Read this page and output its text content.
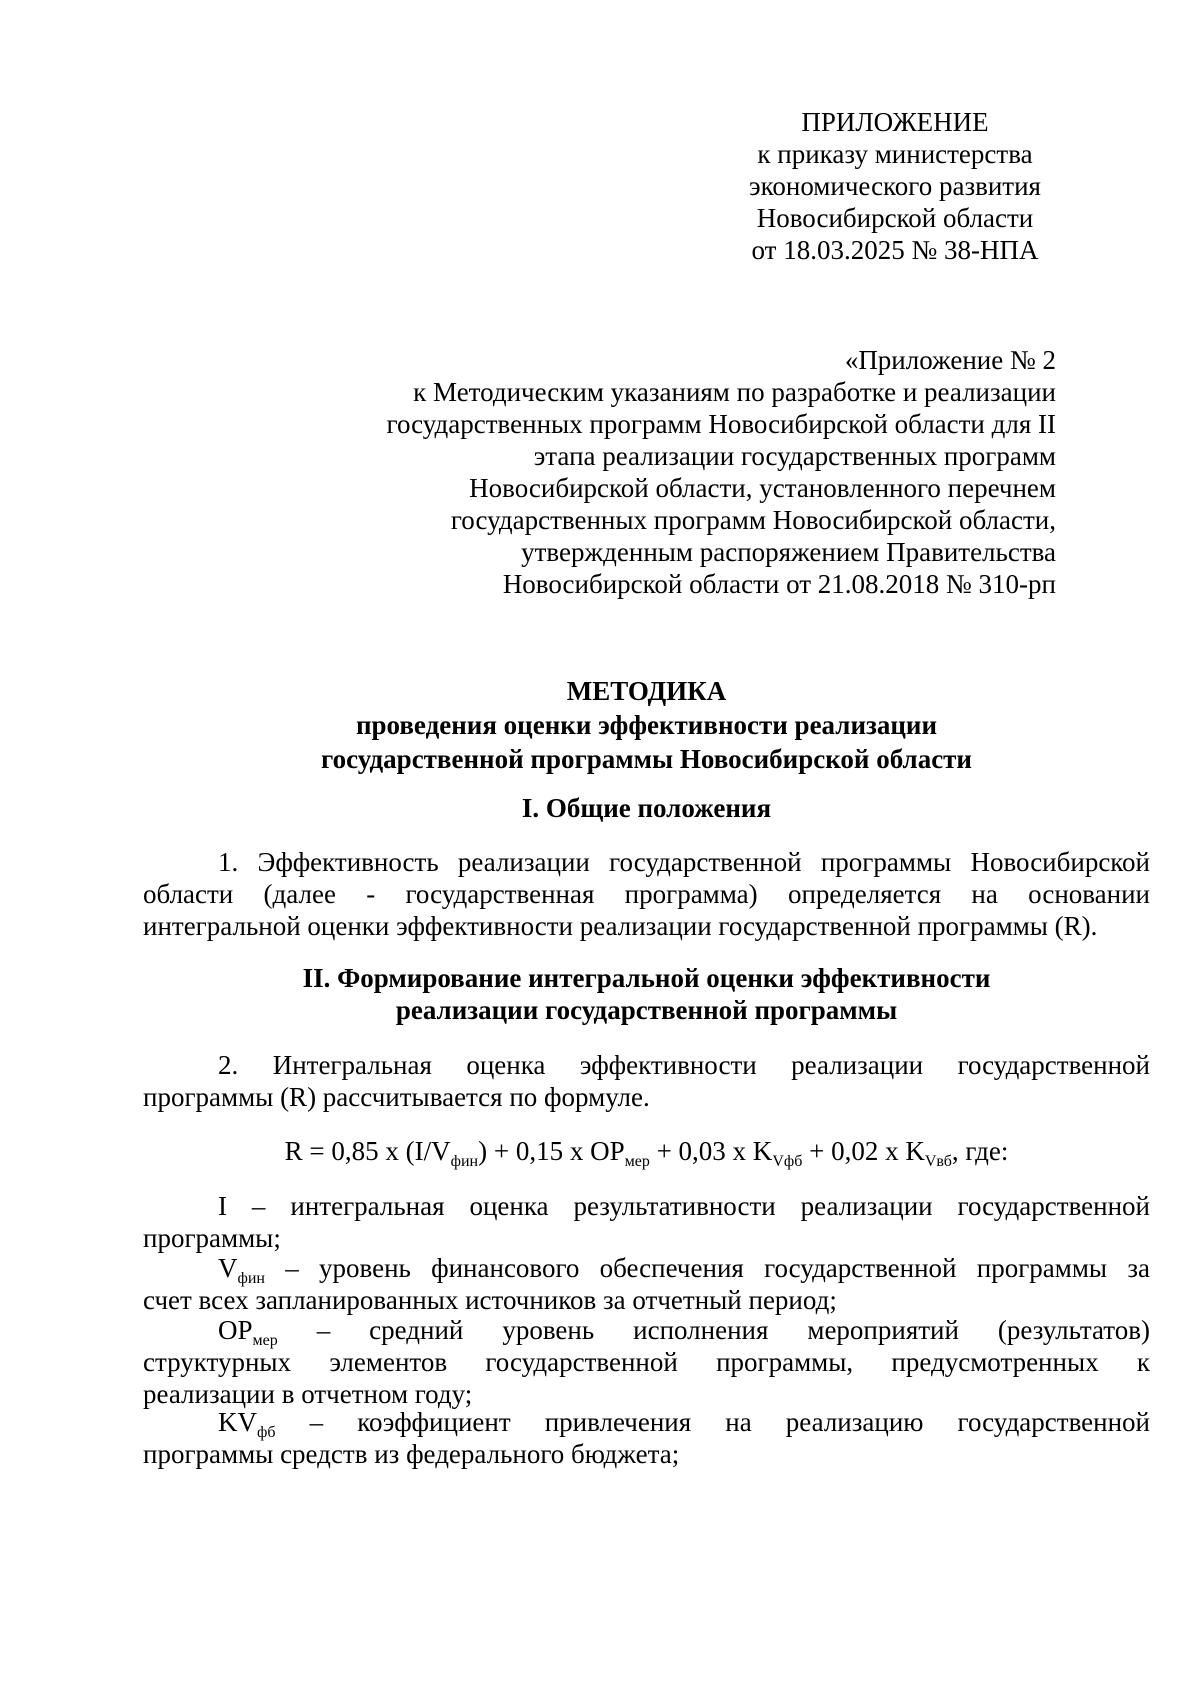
ПРИЛОЖЕНИЕ
к приказу министерства
экономического развития
Новосибирской области
от 18.03.2025 № 38-НПА
«Приложение № 2
к Методическим указаниям по разработке и реализации
государственных программ Новосибирской области для II
этапа реализации государственных программ
Новосибирской области, установленного перечнем
государственных программ Новосибирской области,
утвержденным распоряжением Правительства
Новосибирской области от 21.08.2018 № 310-рп
МЕТОДИКА
проведения оценки эффективности реализации
государственной программы Новосибирской области
I. Общие положения
1. Эффективность реализации государственной программы Новосибирской
области (далее - государственная программа) определяется на основании
интегральной оценки эффективности реализации государственной программы (R).
II. Формирование интегральной оценки эффективности
реализации государственной программы
2. Интегральная оценка эффективности реализации государственной
программы (R) рассчитывается по формуле.
R = 0,85 x $(I/V_{фин}) + 0,15$ x $ОР_{мер} + 0,03$ x $K_{Vфб} + 0,02$ x $K_{Vвб}$, где:
I – интегральная оценка результативности реализации государственной
программы;
$V_{фин}$ – уровень финансового обеспечения государственной программы за
счет всех запланированных источников за отчетный период;
$ОР_{мер}$ – средний уровень исполнения мероприятий (результатов)
структурных элементов государственной программы, предусмотренных к
реализации в отчетном году;
$KV_{фб}$ – коэффициент привлечения на реализацию государственной
программы средств из федерального бюджета;
